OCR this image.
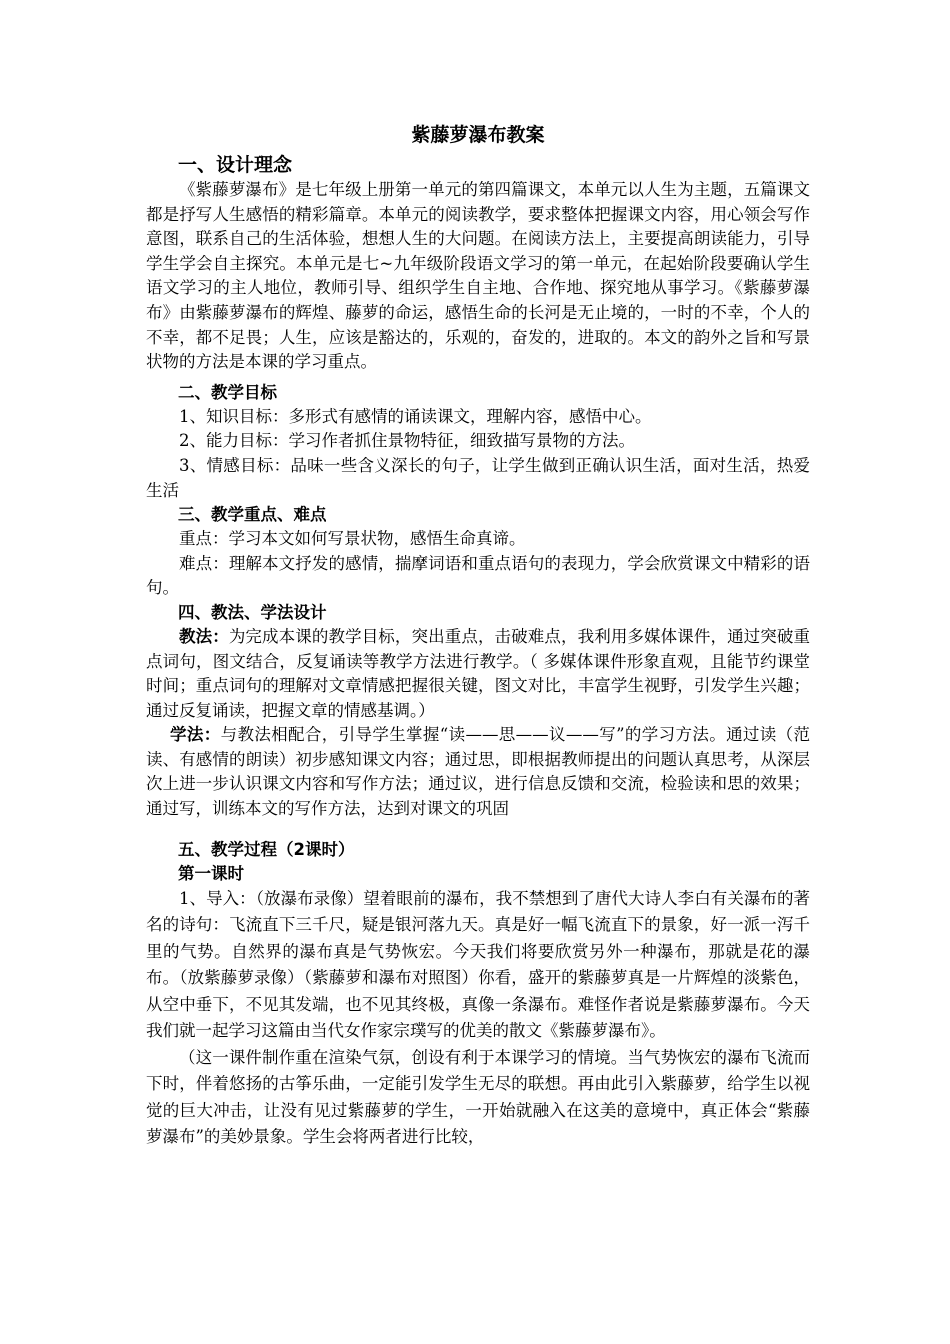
紫藤萝瀑布教案
一、设计理念

《紫藤萝瀑布》是七年级上册第一单元的第四篇课文，本单元以人生为主题，五篇课文都是抒写人生感悟的精彩篇章。本单元的阅读教学，要求整体把握课文内容，用心领会写作意图，联系自己的生活体验，想想人生的大问题。在阅读方法上，主要提高朗读能力，引导学生学会自主探究。本单元是七~九年级阶段语文学习的第一单元，在起始阶段要确认学生语文学习的主人地位，教师引导、组织学生自主地、合作地、探究地从事学习。《紫藤萝瀑布》由紫藤萝瀑布的辉煌、藤萝的命运，感悟生命的长河是无止境的，一时的不幸，个人的不幸，都不足畏；人生，应该是豁达的，乐观的，奋发的，进取的。本文的韵外之旨和写景状物的方法是本课的学习重点。

二、教学目标

1、知识目标：多形式有感情的诵读课文，理解内容，感悟中心。

2、能力目标：学习作者抓住景物特征，细致描写景物的方法。

3、情感目标：品味一些含义深长的句子，让学生做到正确认识生活，面对生活，热爱生活

三、教学重点、难点

重点：学习本文如何写景状物，感悟生命真谛。

难点：理解本文抒发的感情，揣摩词语和重点语句的表现力，学会欣赏课文中精彩的语句。

四、教法、学法设计

教法：为完成本课的教学目标，突出重点，击破难点，我利用多媒体课件，通过突破重点词句，图文结合，反复诵读等教学方法进行教学。（ 多媒体课件形象直观，且能节约课堂时间；重点词句的理解对文章情感把握很关键，图文对比，丰富学生视野，引发学生兴趣；通过反复诵读，把握文章的情感基调。）

学法：与教法相配合，引导学生掌握“读——思——议——写”的学习方法。通过读（范读、有感情的朗读）初步感知课文内容；通过思，即根据教师提出的问题认真思考，从深层次上进一步认识课文内容和写作方法；通过议，进行信息反馈和交流，检验读和思的效果；通过写，训练本文的写作方法，达到对课文的巩固

五、教学过程（2课时）
第一课时

1、导入：（放瀑布录像）望着眼前的瀑布，我不禁想到了唐代大诗人李白有关瀑布的著名的诗句：飞流直下三千尺，疑是银河落九天。真是好一幅飞流直下的景象，好一派一泻千里的气势。自然界的瀑布真是气势恢宏。今天我们将要欣赏另外一种瀑布，那就是花的瀑布。（放紫藤萝录像）（紫藤萝和瀑布对照图）你看，盛开的紫藤萝真是一片辉煌的淡紫色，从空中垂下，不见其发端，也不见其终极，真像一条瀑布。难怪作者说是紫藤萝瀑布。今天我们就一起学习这篇由当代女作家宗璞写的优美的散文《紫藤萝瀑布》。

（这一课件制作重在渲染气氛，创设有利于本课学习的情境。当气势恢宏的瀑布飞流而下时，伴着悠扬的古筝乐曲，一定能引发学生无尽的联想。再由此引入紫藤萝，给学生以视觉的巨大冲击，让没有见过紫藤萝的学生，一开始就融入在这美的意境中，真正体会“紫藤萝瀑布”的美妙景象。学生会将两者进行比较，
